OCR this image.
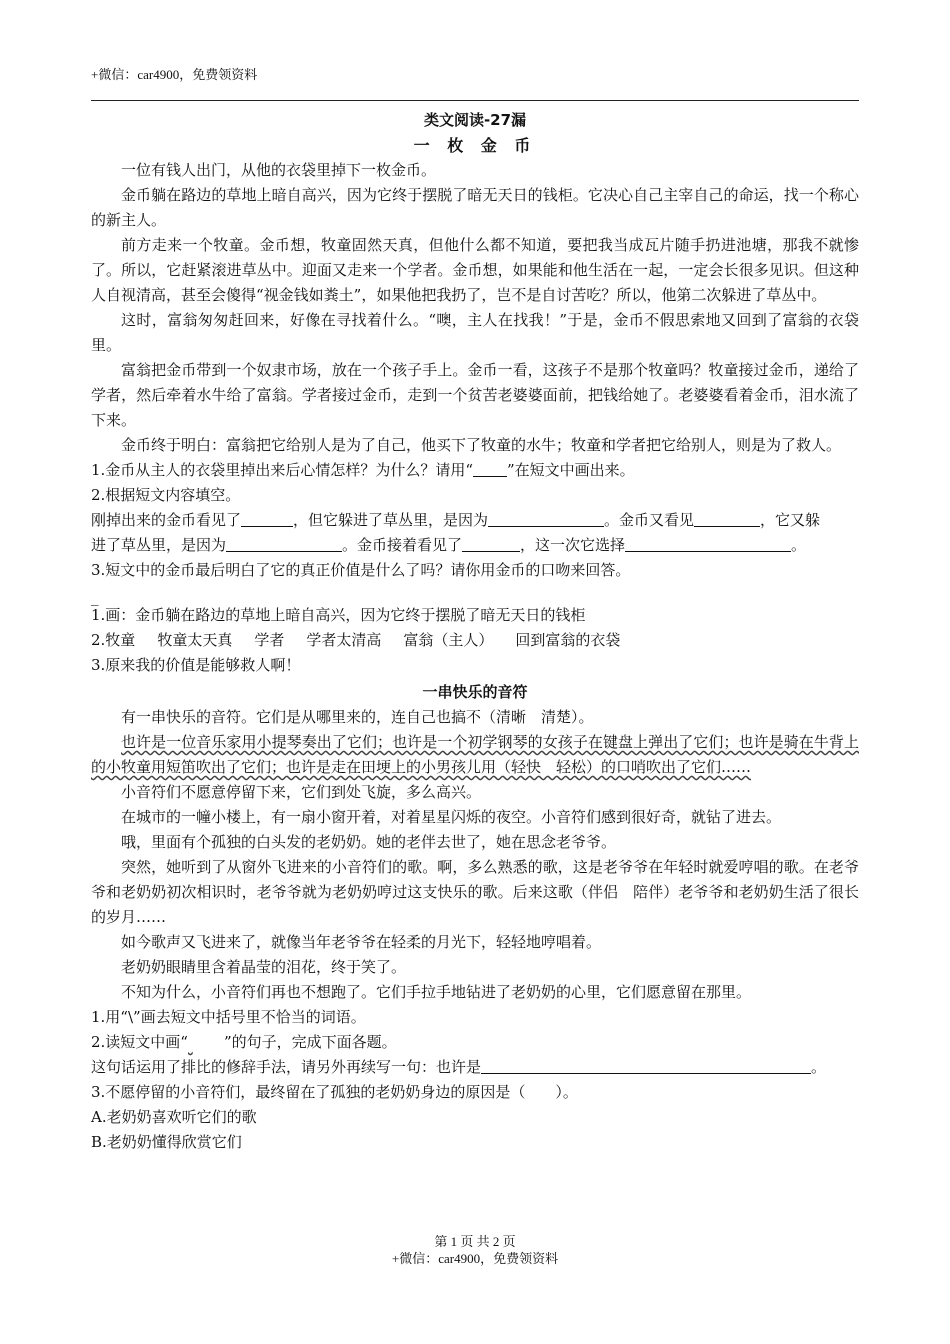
+微信：car4900，免费领资料
类文阅读-27漏
一 枚 金 币

一位有钱人出门，从他的衣袋里掉下一枚金币。

金币躺在路边的草地上暗自高兴，因为它终于摆脱了暗无天日的钱柜。它决心自己主宰自己的命运，找一个称心的新主人。

前方走来一个牧童。金币想，牧童固然天真，但他什么都不知道，要把我当成瓦片随手扔进池塘，那我不就惨了。所以，它赶紧滚进草丛中。迎面又走来一个学者。金币想，如果能和他生活在一起，一定会长很多见识。但这种人自视清高，甚至会傻得“视金钱如粪土”，如果他把我扔了，岂不是自讨苦吃？所以，他第二次躲进了草丛中。

这时，富翁匆匆赶回来，好像在寻找着什么。“噢，主人在找我！”于是，金币不假思索地又回到了富翁的衣袋里。

富翁把金币带到一个奴隶市场，放在一个孩子手上。金币一看，这孩子不是那个牧童吗？牧童接过金币，递给了学者，然后牵着水牛给了富翁。学者接过金币，走到一个贫苦老婆婆面前，把钱给她了。老婆婆看着金币，泪水流了下来。

金币终于明白：富翁把它给别人是为了自己，他买下了牧童的水牛；牧童和学者把它给别人，则是为了救人。

1.金币从主人的衣袋里掉出来后心情怎样？为什么？请用“ ”在短文中画出来。

2.根据短文内容填空。

刚掉出来的金币看见了	，但它躲进了草丛里，是因为	。金币又看见	，它又躲

进了草丛里，是因为	。金币接着看见了	，这一次它选择	。

3.短文中的金币最后明白了它的真正价值是什么了吗？请你用金币的口吻来回答。

_

1.画：金币躺在路边的草地上暗自高兴，因为它终于摆脱了暗无天日的钱柜

2.牧童 牧童太天真 学者 学者太清高 富翁（主人） 回到富翁的衣袋

3.原来我的价值是能够救人啊！

一串快乐的音符

有一串快乐的音符。它们是从哪里来的，连自己也搞不（清晰　清楚）。

也许是一位音乐家用小提琴奏出了它们；也许是一个初学钢琴的女孩子在键盘上弹出了它们；也许是骑在牛背上的小牧童用短笛吹出了它们；也许是走在田埂上的小男孩儿用（轻快　轻松）的口哨吹出了它们……

小音符们不愿意停留下来，它们到处飞旋，多么高兴。

在城市的一幢小楼上，有一扇小窗开着，对着星星闪烁的夜空。小音符们感到很好奇，就钻了进去。

哦，里面有个孤独的白头发的老奶奶。她的老伴去世了，她在思念老爷爷。

突然，她听到了从窗外飞进来的小音符们的歌。啊，多么熟悉的歌，这是老爷爷在年轻时就爱哼唱的歌。在老爷爷和老奶奶初次相识时，老爷爷就为老奶奶哼过这支快乐的歌。后来这歌（伴侣　陪伴）老爷爷和老奶奶生活了很长的岁月……

如今歌声又飞进来了，就像当年老爷爷在轻柔的月光下，轻轻地哼唱着。

老奶奶眼睛里含着晶莹的泪花，终于笑了。

不知为什么，小音符们再也不想跑了。它们手拉手地钻进了老奶奶的心里，它们愿意留在那里。

1.用“\”画去短文中括号里不恰当的词语。

2.读短文中画“ ”的句子，完成下面各题。

这句话运用了排比的修辞手法，请另外再续写一句：也许是	。

3.不愿停留的小音符们，最终留在了孤独的老奶奶身边的原因是（　　）。

A.老奶奶喜欢听它们的歌

B.老奶奶懂得欣赏它们

第 1 页 共 2 页
+微信：car4900，免费领资料
